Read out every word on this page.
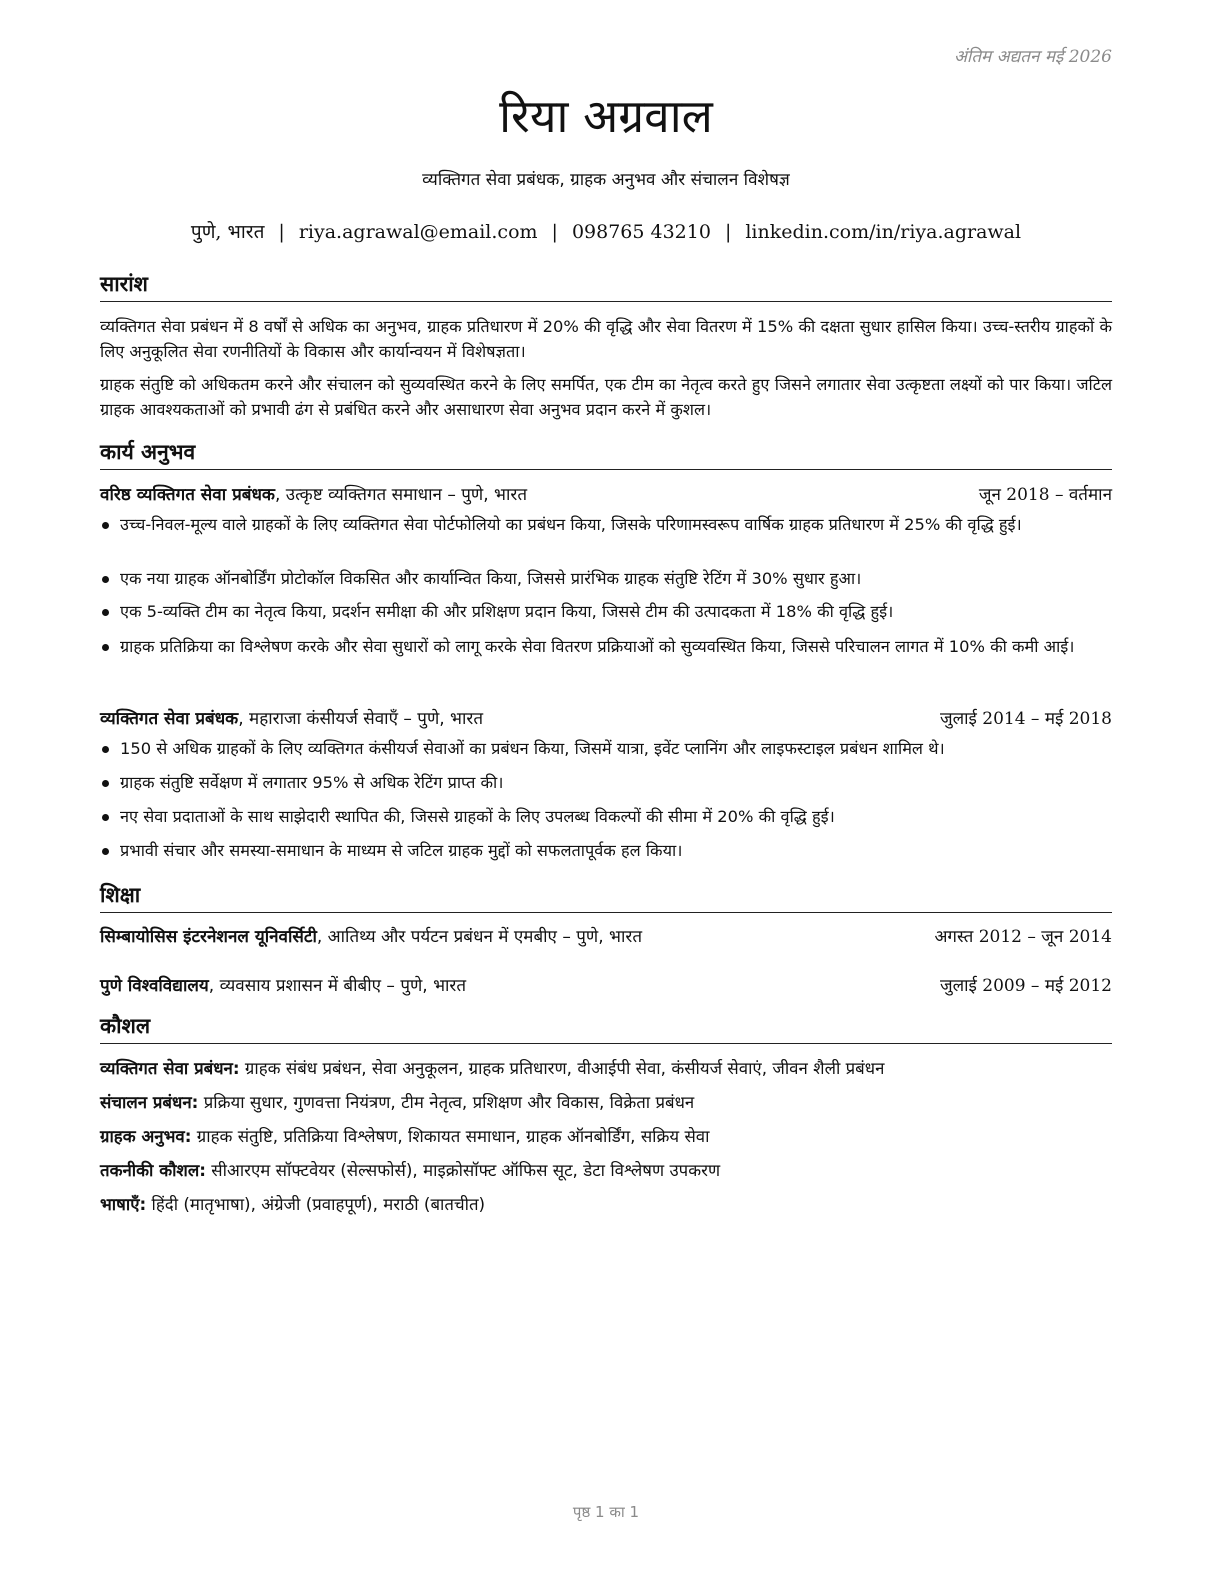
अंतिम अद्यतन मई 2026
रिया अग्रवाल
व्यक्तिगत सेवा प्रबंधक, ग्राहक अनुभव और संचालन विशेषज्ञ
पुणे, भारत | riya.agrawal@email.com | 098765 43210 | linkedin.com/in/riya.agrawal
सारांश
व्यक्तिगत सेवा प्रबंधन में 8 वर्षों से अधिक का अनुभव, ग्राहक प्रतिधारण में 20% की वृद्धि और सेवा वितरण में 15% की दक्षता सुधार हासिल किया। उच्च-स्तरीय ग्राहकों के लिए अनुकूलित सेवा रणनीतियों के विकास और कार्यान्वयन में विशेषज्ञता।
ग्राहक संतुष्टि को अधिकतम करने और संचालन को सुव्यवस्थित करने के लिए समर्पित, एक टीम का नेतृत्व करते हुए जिसने लगातार सेवा उत्कृष्टता लक्ष्यों को पार किया। जटिल ग्राहक आवश्यकताओं को प्रभावी ढंग से प्रबंधित करने और असाधारण सेवा अनुभव प्रदान करने में कुशल।
कार्य अनुभव
वरिष्ठ व्यक्तिगत सेवा प्रबंधक, उत्कृष्ट व्यक्तिगत समाधान – पुणे, भारत	जून 2018 – वर्तमान
उच्च-निवल-मूल्य वाले ग्राहकों के लिए व्यक्तिगत सेवा पोर्टफोलियो का प्रबंधन किया, जिसके परिणामस्वरूप वार्षिक ग्राहक प्रतिधारण में 25% की वृद्धि हुई।
एक नया ग्राहक ऑनबोर्डिंग प्रोटोकॉल विकसित और कार्यान्वित किया, जिससे प्रारंभिक ग्राहक संतुष्टि रेटिंग में 30% सुधार हुआ।
एक 5-व्यक्ति टीम का नेतृत्व किया, प्रदर्शन समीक्षा की और प्रशिक्षण प्रदान किया, जिससे टीम की उत्पादकता में 18% की वृद्धि हुई।
ग्राहक प्रतिक्रिया का विश्लेषण करके और सेवा सुधारों को लागू करके सेवा वितरण प्रक्रियाओं को सुव्यवस्थित किया, जिससे परिचालन लागत में 10% की कमी आई।
व्यक्तिगत सेवा प्रबंधक, महाराजा कंसीयर्ज सेवाएँ – पुणे, भारत	जुलाई 2014 – मई 2018
150 से अधिक ग्राहकों के लिए व्यक्तिगत कंसीयर्ज सेवाओं का प्रबंधन किया, जिसमें यात्रा, इवेंट प्लानिंग और लाइफस्टाइल प्रबंधन शामिल थे।
ग्राहक संतुष्टि सर्वेक्षण में लगातार 95% से अधिक रेटिंग प्राप्त की।
नए सेवा प्रदाताओं के साथ साझेदारी स्थापित की, जिससे ग्राहकों के लिए उपलब्ध विकल्पों की सीमा में 20% की वृद्धि हुई।
प्रभावी संचार और समस्या-समाधान के माध्यम से जटिल ग्राहक मुद्दों को सफलतापूर्वक हल किया।
शिक्षा
सिम्बायोसिस इंटरनेशनल यूनिवर्सिटी, आतिथ्य और पर्यटन प्रबंधन में एमबीए – पुणे, भारत	अगस्त 2012 – जून 2014
पुणे विश्वविद्यालय, व्यवसाय प्रशासन में बीबीए – पुणे, भारत	जुलाई 2009 – मई 2012
कौशल
व्यक्तिगत सेवा प्रबंधन: ग्राहक संबंध प्रबंधन, सेवा अनुकूलन, ग्राहक प्रतिधारण, वीआईपी सेवा, कंसीयर्ज सेवाएं, जीवन शैली प्रबंधन
संचालन प्रबंधन: प्रक्रिया सुधार, गुणवत्ता नियंत्रण, टीम नेतृत्व, प्रशिक्षण और विकास, विक्रेता प्रबंधन
ग्राहक अनुभव: ग्राहक संतुष्टि, प्रतिक्रिया विश्लेषण, शिकायत समाधान, ग्राहक ऑनबोर्डिंग, सक्रिय सेवा
तकनीकी कौशल: सीआरएम सॉफ्टवेयर (सेल्सफोर्स), माइक्रोसॉफ्ट ऑफिस सूट, डेटा विश्लेषण उपकरण
भाषाएँ: हिंदी (मातृभाषा), अंग्रेजी (प्रवाहपूर्ण), मराठी (बातचीत)
पृष्ठ 1 का 1
